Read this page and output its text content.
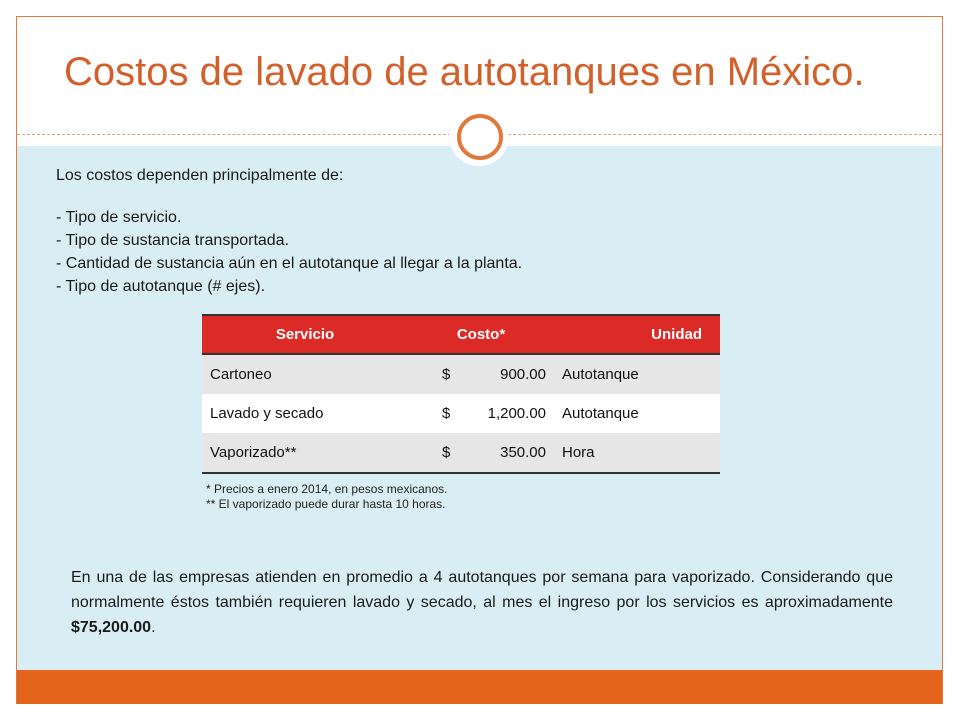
Costos de lavado de autotanques en México.
Los costos dependen principalmente de:
- Tipo de servicio.
- Tipo de sustancia transportada.
- Cantidad de sustancia aún en el autotanque al llegar a la planta.
- Tipo de autotanque (# ejes).
Servicio	Costo*	Unidad
Cartoneo	$ 900.00	Autotanque
Lavado y secado	$ 1,200.00	Autotanque
Vaporizado**	$ 350.00	Hora
* Precios a enero 2014, en pesos mexicanos.
** El vaporizado puede durar hasta 10 horas.

En una de las empresas atienden en promedio a 4 autotanques por semana para vaporizado. Considerando que normalmente éstos también requieren lavado y secado, al mes el ingreso por los servicios es aproximadamente $75,200.00.
